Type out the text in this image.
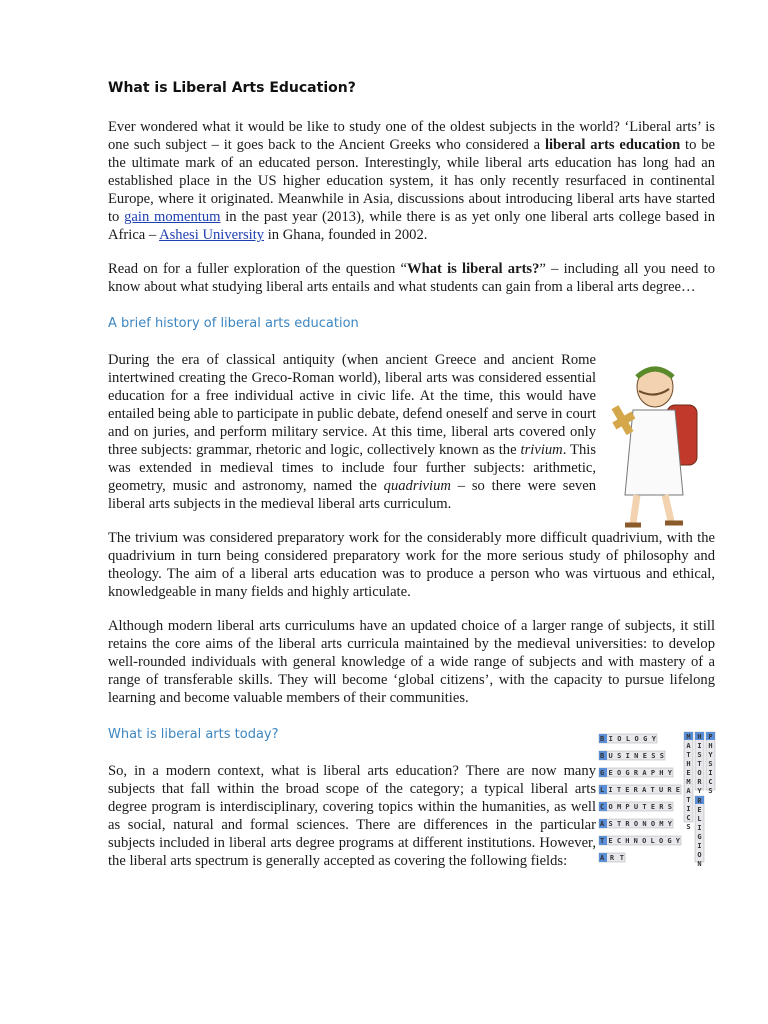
What is Liberal Arts Education?

Ever wondered what it would be like to study one of the oldest subjects in the world? ‘Liberal arts’ is one such subject – it goes back to the Ancient Greeks who considered a liberal arts education to be the ultimate mark of an educated person. Interestingly, while liberal arts education has long had an established place in the US higher education system, it has only recently resurfaced in continental Europe, where it originated. Meanwhile in Asia, discussions about introducing liberal arts have started to gain momentum in the past year (2013), while there is as yet only one liberal arts college based in Africa – Ashesi University in Ghana, founded in 2002.

Read on for a fuller exploration of the question “What is liberal arts?” – including all you need to know about what studying liberal arts entails and what students can gain from a liberal arts degree…

A brief history of liberal arts education

During the era of classical antiquity (when ancient Greece and ancient Rome intertwined creating the Greco-Roman world), liberal arts was considered essential education for a free individual active in civic life. At the time, this would have entailed being able to participate in public debate, defend oneself and serve in court and on juries, and perform military service. At this time, liberal arts covered only three subjects: grammar, rhetoric and logic, collectively known as the trivium. This was extended in medieval times to include four further subjects: arithmetic, geometry, music and astronomy, named the quadrivium – so there were seven liberal arts subjects in the medieval liberal arts curriculum.

The trivium was considered preparatory work for the considerably more difficult quadrivium, with the quadrivium in turn being considered preparatory work for the more serious study of philosophy and theology. The aim of a liberal arts education was to produce a person who was virtuous and ethical, knowledgeable in many fields and highly articulate.

Although modern liberal arts curriculums have an updated choice of a larger range of subjects, it still retains the core aims of the liberal arts curricula maintained by the medieval universities: to develop well-rounded individuals with general knowledge of a wide range of subjects and with mastery of a range of transferable skills. They will become ‘global citizens’, with the capacity to pursue lifelong learning and become valuable members of their communities.

What is liberal arts today?

So, in a modern context, what is liberal arts education? There are now many subjects that fall within the broad scope of the category; a typical liberal arts degree program is interdisciplinary, covering topics within the humanities, as well as social, natural and formal sciences. There are differences in the particular subjects included in liberal arts degree programs at different institutions. However, the liberal arts spectrum is generally accepted as covering the following fields:

BIOLOGY
BUSINESS
GEOGRAPHY
LITERATURE
COMPUTERS
ASTRONOMY
TECHNOLOGY
ART
MATHEMATICS HISTORY PHYSICS
RELIGION
